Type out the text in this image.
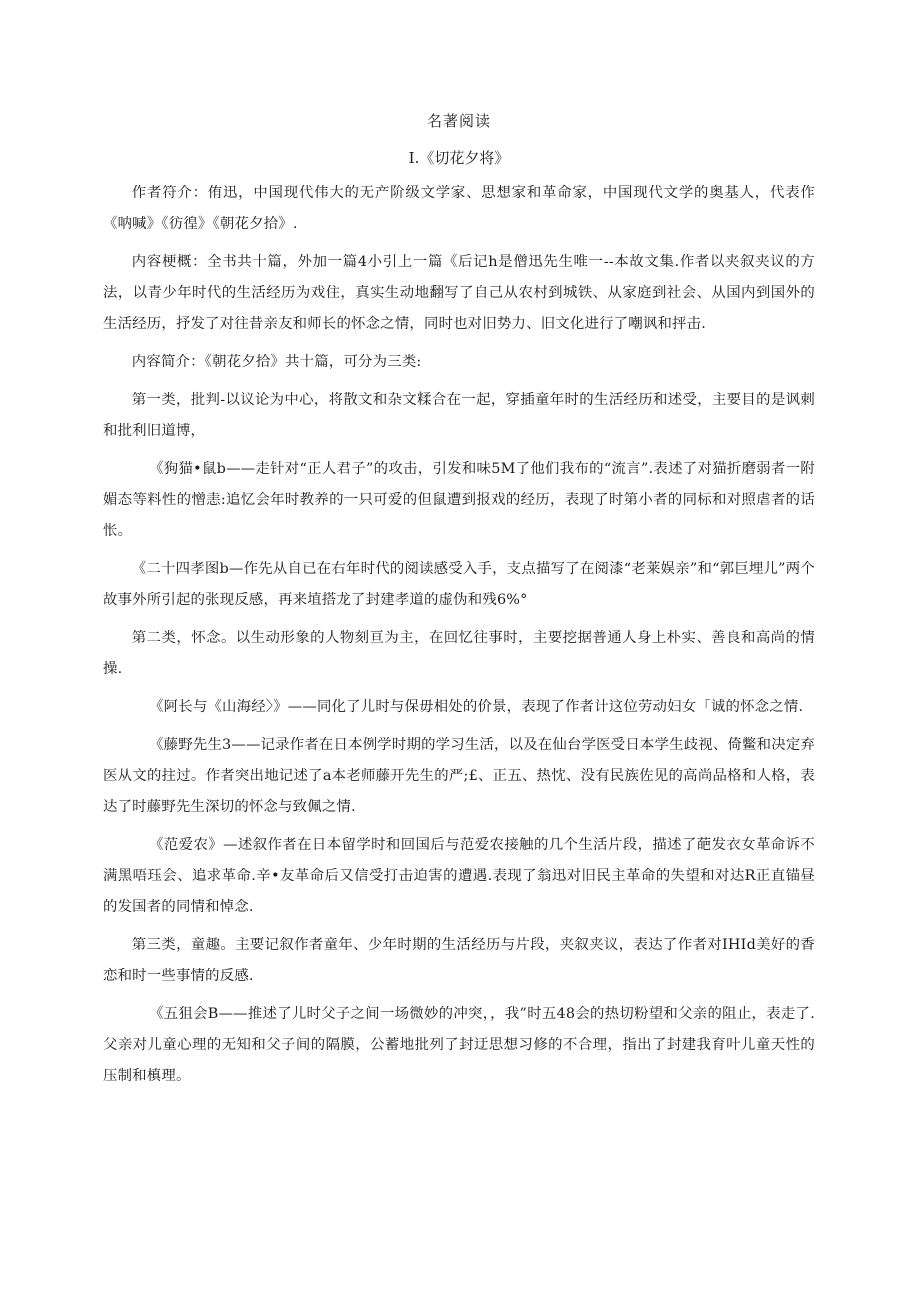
名著阅读
I.《切花夕将》

作者符介：侑迅，中国现代伟大的无产阶级文学家、思想家和革命家，中国现代文学的奥基人，代表作《呐喊》《彷徨》《朝花夕拾》.

内容梗概：全书共十篇，外加一篇4小引上一篇《后记h是僧迅先生唯一--本故文集.作者以夹叙夹议的方法，以青少年时代的生活经历为戏住，真实生动地翻写了自己从农村到城铁、从家庭到社会、从国内到国外的生活经历，抒发了对往昔亲友和师长的怀念之情，同时也对旧势力、旧文化进行了嘲讽和抨击.

内容简介：《朝花夕拾》共十篇，可分为三类:

第一类，批判-以议论为中心，将散文和杂文糅合在一起，穿插童年时的生活经历和述受，主要目的是讽刺和批利旧道博，

《狗猫•鼠b——走针对“正人君子”的攻击，引发和味5M了他们我布的“流言”.表述了对猫折磨弱者一附媚态等料性的憎恚:追忆会年时教养的一只可爱的但鼠遭到报戏的经历，表现了时第小者的同标和对照虐者的话怅。

《二十四孝图b—作先从自已在右年时代的阅读感受入手，支点描写了在阅漆“老莱娱亲”和“郭巨埋儿”两个故事外所引起的张现反感，再来埴搭龙了封建孝道的虚伪和残6%°

第二类，怀念。以生动形象的人物刻亘为主，在回忆往事时，主要挖据普通人身上朴实、善良和高尚的情操.

《阿长与《山海经〉》——同化了儿时与保毋相处的价景，表现了作者计这位劳动妇女「诚的怀念之情.

《藤野先生3——记录作者在日本例学时期的学习生活，以及在仙台学医受日本学生歧视、倚鳖和决定弃医从文的拄过。作者突出地记述了a本老师藤开先生的严;£、正五、热忱、没有民族佐见的高尚品格和人格，表达了时藤野先生深切的怀念与致佩之情.

《范爱农》—述叙作者在日本留学时和回国后与范爱农接触的几个生活片段，描述了葩发衣女革命诉不满黑唔珏会、追求革命.辛•友革命后又信受打击迫害的遭遇.表现了翁迅对旧民主革命的失望和对达R正直锚昼的发国者的同情和悼念.

第三类，童趣。主要记叙作者童年、少年时期的生活经历与片段，夹叙夹议，表达了作者对IHId美好的香恋和时一些事情的反感.

《五狙会B——推述了儿时父子之间一场微妙的冲突，，我”时五48会的热切粉望和父亲的阻止，表走了.父亲对儿童心理的无知和父子间的隔膜，公蓄地批列了封迂思想习修的不合理，指出了封建我育叶儿童天性的压制和槙理。
